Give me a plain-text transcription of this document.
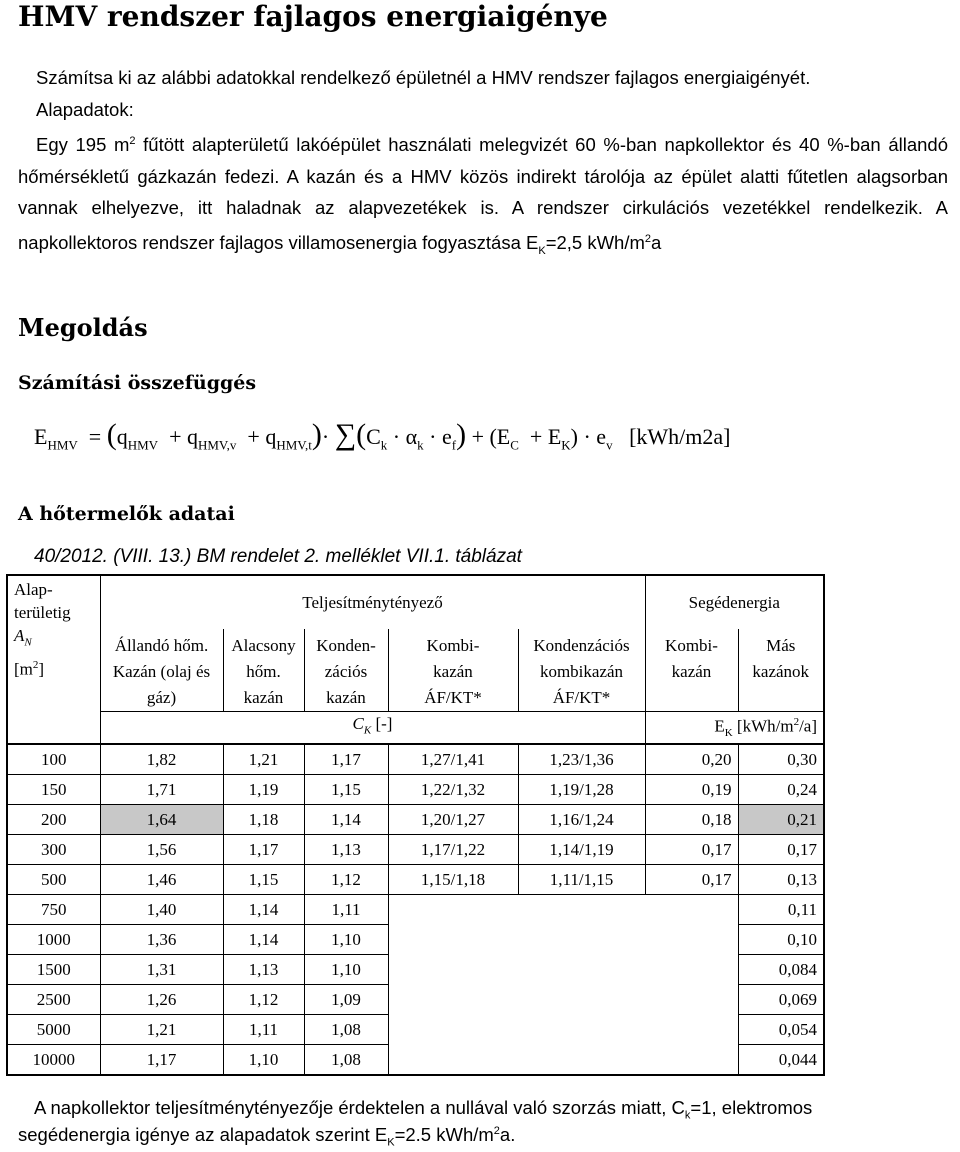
HMV rendszer fajlagos energiaigénye
Számítsa ki az alábbi adatokkal rendelkező épületnél a HMV rendszer fajlagos energiaigényét.
Alapadatok:
Egy 195 $m^2$ fűtött alapterületű lakóépület használati melegvizét 60 %-ban napkollektor és 40 %-ban állandó hőmérsékletű gázkazán fedezi. A kazán és a HMV közös indirekt tárolója az épület alatti fűtetlen alagsorban vannak elhelyezve, itt haladnak az alapvezetékek is. A rendszer cirkulációs vezetékkel rendelkezik. A napkollektoros rendszer fajlagos villamosenergia fogyasztása $E_K=2,5$ kWh/$m^2a$
Megoldás
Számítási összefüggés
$E_{HMV} = (q_{HMV} + q_{HMV,v} + q_{HMV,t})\cdot \sum(C_k \cdot \alpha_k \cdot e_f) + (E_C + E_K) \cdot e_v$ [kWh/m2a]
A hőtermelők adatai
40/2012. (VIII. 13.) BM rendelet 2. melléklet VII.1. táblázat
Alap-
területig
$A_N$
$[m^2]$	Teljesítménytényező					Segédenergia	
	Állandó hőm. Kazán (olaj és gáz)	Alacsony hőm. kazán	Konden- zációs kazán	Kombi- kazán ÁF/KT*	Kondenzációs kombikazán ÁF/KT*	Kombi- kazán	Más kazánok
	$C_K$ [-]					$E_K$ $[kWh/m^2/a]$	
100	1,82	1,21	1,17	1,27/1,41	1,23/1,36	0,20	0,30
150	1,71	1,19	1,15	1,22/1,32	1,19/1,28	0,19	0,24
200	1,64	1,18	1,14	1,20/1,27	1,16/1,24	0,18	0,21
300	1,56	1,17	1,13	1,17/1,22	1,14/1,19	0,17	0,17
500	1,46	1,15	1,12	1,15/1,18	1,11/1,15	0,17	0,13
750	1,40	1,14	1,11				0,11
1000	1,36	1,14	1,10				0,10
1500	1,31	1,13	1,10				0,084
2500	1,26	1,12	1,09				0,069
5000	1,21	1,11	1,08				0,054
10000	1,17	1,10	1,08				0,044
A napkollektor teljesítménytényezője érdektelen a nullával való szorzás miatt, $C_k=1$, elektromos
segédenergia igénye az alapadatok szerint $E_K=2.5$ kWh/$m^2a$.
